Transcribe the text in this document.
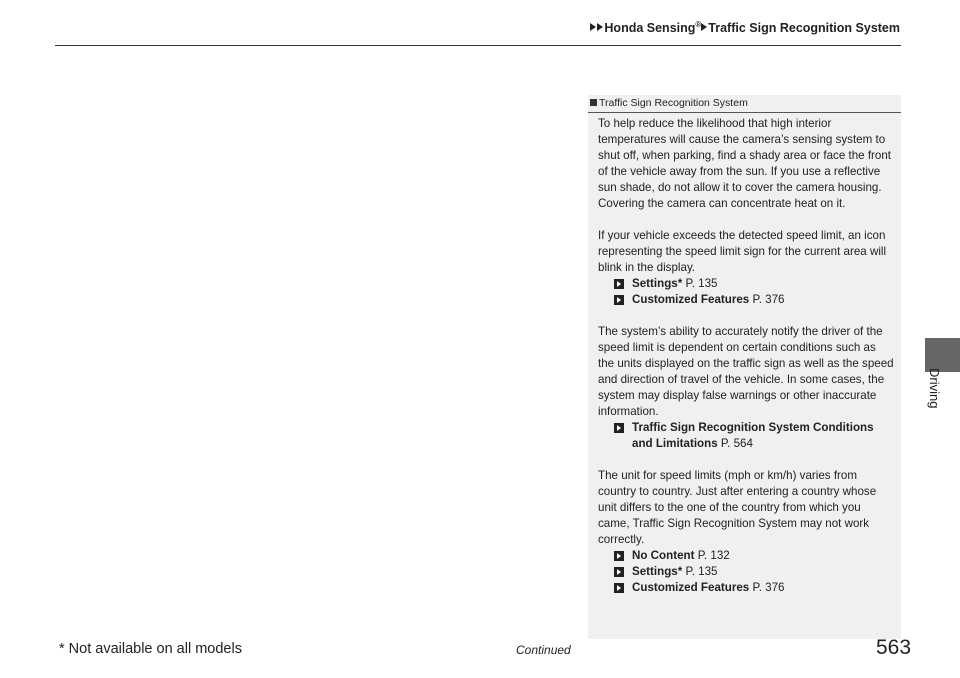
Honda Sensing® Traffic Sign Recognition System
Driving
Traffic Sign Recognition System
To help reduce the likelihood that high interior temperatures will cause the camera’s sensing system to shut off, when parking, find a shady area or face the front of the vehicle away from the sun. If you use a reflective sun shade, do not allow it to cover the camera housing.
Covering the camera can concentrate heat on it.
If your vehicle exceeds the detected speed limit, an icon representing the speed limit sign for the current area will blink in the display.
Settings* P. 135
Customized Features P. 376
The system’s ability to accurately notify the driver of the speed limit is dependent on certain conditions such as the units displayed on the traffic sign as well as the speed and direction of travel of the vehicle. In some cases, the system may display false warnings or other inaccurate information.
Traffic Sign Recognition System Conditions and Limitations P. 564
The unit for speed limits (mph or km/h) varies from country to country. Just after entering a country whose unit differs to the one of the country from which you came, Traffic Sign Recognition System may not work correctly.
No Content P. 132
Settings* P. 135
Customized Features P. 376
* Not available on all models	Continued	563
